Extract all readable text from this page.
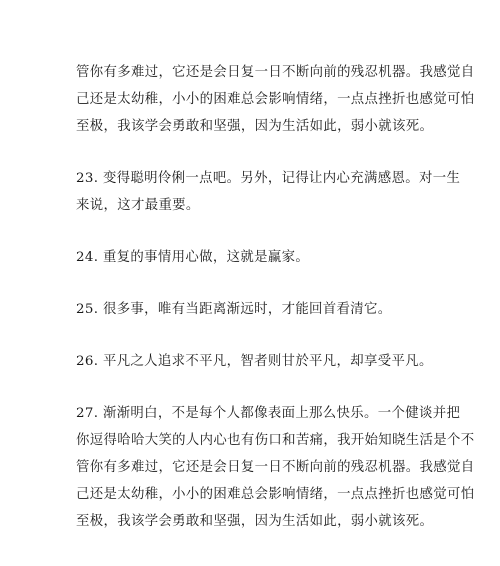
管你有多难过，它还是会日复一日不断向前的残忍机器。我感觉自
己还是太幼稚，小小的困难总会影响情绪，一点点挫折也感觉可怕
至极，我该学会勇敢和坚强，因为生活如此，弱小就该死。
23. 变得聪明伶俐一点吧。另外，记得让内心充满感恩。对一生
来说，这才最重要。
24. 重复的事情用心做，这就是赢家。
25. 很多事，唯有当距离渐远时，才能回首看清它。
26. 平凡之人追求不平凡，智者则甘於平凡，却享受平凡。
27. 渐渐明白，不是每个人都像表面上那么快乐。一个健谈并把
你逗得哈哈大笑的人内心也有伤口和苦痛，我开始知晓生活是个不
管你有多难过，它还是会日复一日不断向前的残忍机器。我感觉自
己还是太幼稚，小小的困难总会影响情绪，一点点挫折也感觉可怕
至极，我该学会勇敢和坚强，因为生活如此，弱小就该死。
